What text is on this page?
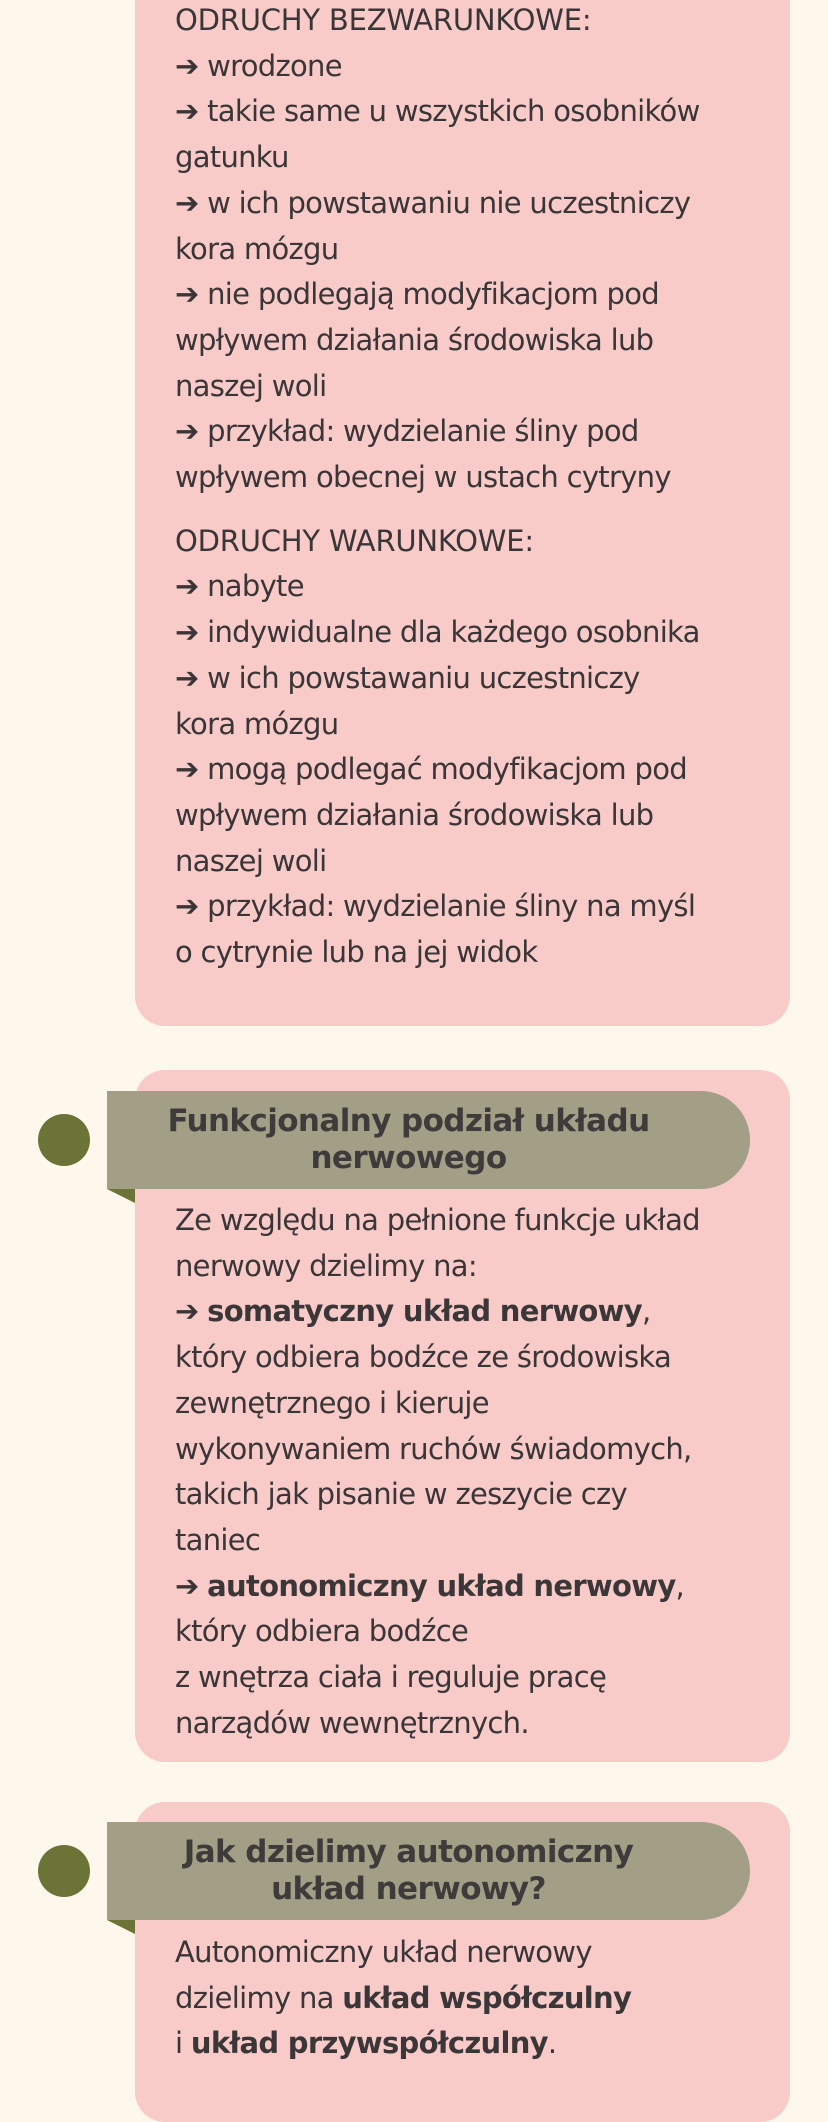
ODRUCHY BEZWARUNKOWE:
➔ wrodzone
➔ takie same u wszystkich osobników
gatunku
➔ w ich powstawaniu nie uczestniczy
kora mózgu
➔ nie podlegają modyfikacjom pod
wpływem działania środowiska lub
naszej woli
➔ przykład: wydzielanie śliny pod
wpływem obecnej w ustach cytryny
ODRUCHY WARUNKOWE:
➔ nabyte
➔ indywidualne dla każdego osobnika
➔ w ich powstawaniu uczestniczy
kora mózgu
➔ mogą podlegać modyfikacjom pod
wpływem działania środowiska lub
naszej woli
➔ przykład: wydzielanie śliny na myśl
o cytrynie lub na jej widok
Ze względu na pełnione funkcje układ
nerwowy dzielimy na:
➔ somatyczny układ nerwowy,
który odbiera bodźce ze środowiska
zewnętrznego i kieruje
wykonywaniem ruchów świadomych,
takich jak pisanie w zeszycie czy
taniec
➔ autonomiczny układ nerwowy,
który odbiera bodźce
z wnętrza ciała i reguluje pracę
narządów wewnętrznych.
Autonomiczny układ nerwowy
dzielimy na układ współczulny
i układ przywspółczulny.
Funkcjonalny podział układu
nerwowego
Jak dzielimy autonomiczny
układ nerwowy?
